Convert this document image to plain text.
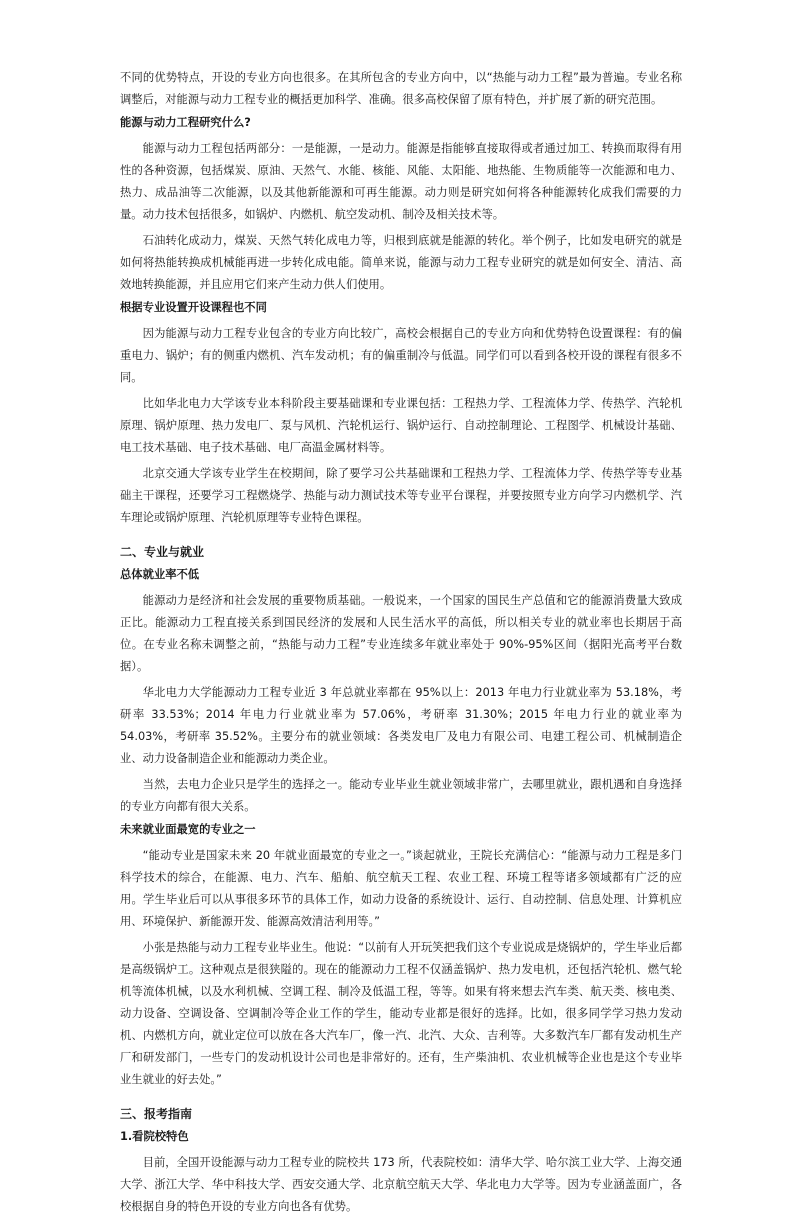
不同的优势特点，开设的专业方向也很多。在其所包含的专业方向中，以“热能与动力工程”最为普遍。专业名称调整后，对能源与动力工程专业的概括更加科学、准确。很多高校保留了原有特色，并扩展了新的研究范围。

能源与动力工程研究什么?

能源与动力工程包括两部分：一是能源，一是动力。能源是指能够直接取得或者通过加工、转换而取得有用性的各种资源，包括煤炭、原油、天然气、水能、核能、风能、太阳能、地热能、生物质能等一次能源和电力、热力、成品油等二次能源，以及其他新能源和可再生能源。动力则是研究如何将各种能源转化成我们需要的力量。动力技术包括很多，如锅炉、内燃机、航空发动机、制冷及相关技术等。

石油转化成动力，煤炭、天然气转化成电力等，归根到底就是能源的转化。举个例子，比如发电研究的就是如何将热能转换成机械能再进一步转化成电能。简单来说，能源与动力工程专业研究的就是如何安全、清洁、高效地转换能源，并且应用它们来产生动力供人们使用。

根据专业设置开设课程也不同

因为能源与动力工程专业包含的专业方向比较广，高校会根据自己的专业方向和优势特色设置课程：有的偏重电力、锅炉；有的侧重内燃机、汽车发动机；有的偏重制冷与低温。同学们可以看到各校开设的课程有很多不同。

比如华北电力大学该专业本科阶段主要基础课和专业课包括：工程热力学、工程流体力学、传热学、汽轮机原理、锅炉原理、热力发电厂、泵与风机、汽轮机运行、锅炉运行、自动控制理论、工程图学、机械设计基础、电工技术基础、电子技术基础、电厂高温金属材料等。

北京交通大学该专业学生在校期间，除了要学习公共基础课和工程热力学、工程流体力学、传热学等专业基础主干课程，还要学习工程燃烧学、热能与动力测试技术等专业平台课程，并要按照专业方向学习内燃机学、汽车理论或锅炉原理、汽轮机原理等专业特色课程。

二、专业与就业
总体就业率不低

能源动力是经济和社会发展的重要物质基础。一般说来，一个国家的国民生产总值和它的能源消费量大致成正比。能源动力工程直接关系到国民经济的发展和人民生活水平的高低，所以相关专业的就业率也长期居于高位。在专业名称未调整之前，“热能与动力工程”专业连续多年就业率处于 90%-95%区间（据阳光高考平台数据）。

华北电力大学能源动力工程专业近 3 年总就业率都在 95%以上：2013 年电力行业就业率为 53.18%，考研率 33.53%；2014 年电力行业就业率为 57.06%，考研率 31.30%；2015 年电力行业的就业率为 54.03%，考研率 35.52%。主要分布的就业领域：各类发电厂及电力有限公司、电建工程公司、机械制造企业、动力设备制造企业和能源动力类企业。

当然，去电力企业只是学生的选择之一。能动专业毕业生就业领域非常广，去哪里就业，跟机遇和自身选择的专业方向都有很大关系。

未来就业面最宽的专业之一

“能动专业是国家未来 20 年就业面最宽的专业之一。”谈起就业，王院长充满信心：“能源与动力工程是多门科学技术的综合，在能源、电力、汽车、船舶、航空航天工程、农业工程、环境工程等诸多领域都有广泛的应用。学生毕业后可以从事很多环节的具体工作，如动力设备的系统设计、运行、自动控制、信息处理、计算机应用、环境保护、新能源开发、能源高效清洁利用等。”

小张是热能与动力工程专业毕业生。他说：“以前有人开玩笑把我们这个专业说成是烧锅炉的，学生毕业后都是高级锅炉工。这种观点是很狭隘的。现在的能源动力工程不仅涵盖锅炉、热力发电机，还包括汽轮机、燃气轮机等流体机械，以及水利机械、空调工程、制冷及低温工程，等等。如果有将来想去汽车类、航天类、核电类、动力设备、空调设备、空调制冷等企业工作的学生，能动专业都是很好的选择。比如，很多同学学习热力发动机、内燃机方向，就业定位可以放在各大汽车厂，像一汽、北汽、大众、吉利等。大多数汽车厂都有发动机生产厂和研发部门，一些专门的发动机设计公司也是非常好的。还有，生产柴油机、农业机械等企业也是这个专业毕业生就业的好去处。”

三、报考指南
1.看院校特色

目前，全国开设能源与动力工程专业的院校共 173 所，代表院校如：清华大学、哈尔滨工业大学、上海交通大学、浙江大学、华中科技大学、西安交通大学、北京航空航天大学、华北电力大学等。因为专业涵盖面广，各校根据自身的特色开设的专业方向也各有优势。
